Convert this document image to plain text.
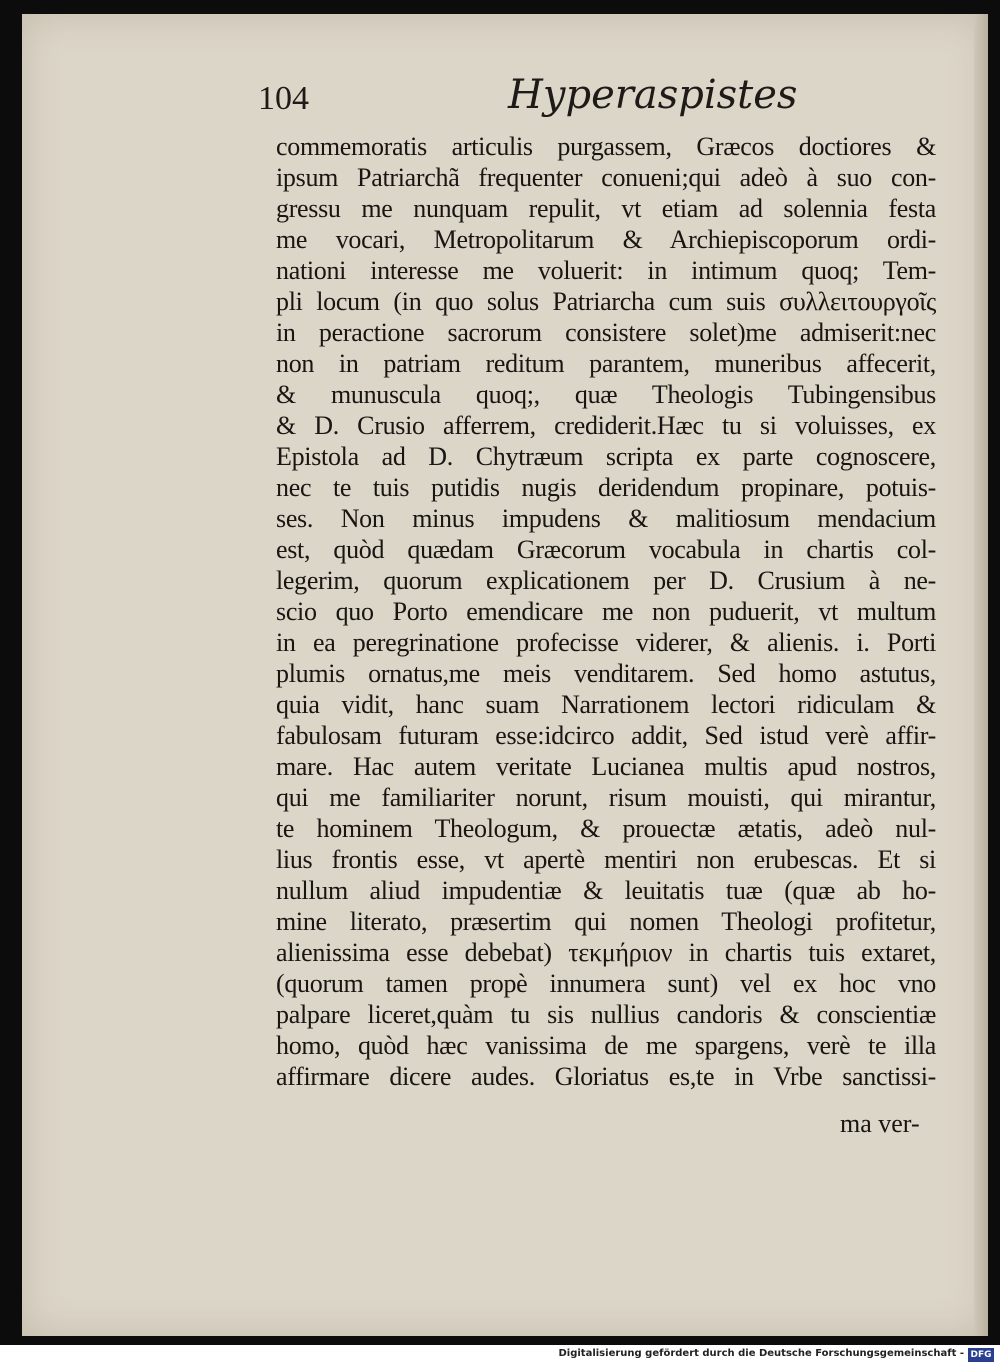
104	Hyperaspistes
commemoratis articulis purgassem, Græcos doctiores &
ipsum Patriarchã frequenter conueni;qui adeò à suo con-
gressu me nunquam repulit, vt etiam ad solennia festa
me vocari, Metropolitarum & Archiepiscoporum ordi-
nationi interesse me voluerit: in intimum quoq; Tem-
pli locum (in quo solus Patriarcha cum suis συλλειτουργοῖς
in peractione sacrorum consistere solet)me admiserit:nec
non in patriam reditum parantem, muneribus affecerit,
& munuscula quoq;, quæ Theologis Tubingensibus
& D. Crusio afferrem, crediderit.Hæc tu si voluisses, ex
Epistola ad D. Chytræum scripta ex parte cognoscere,
nec te tuis putidis nugis deridendum propinare, potuis-
ses. Non minus impudens & malitiosum mendacium
est, quòd quædam Græcorum vocabula in chartis col-
legerim, quorum explicationem per D. Crusium à ne-
scio quo Porto emendicare me non puduerit, vt multum
in ea peregrinatione profecisse viderer, & alienis. i. Porti
plumis ornatus,me meis venditarem. Sed homo astutus,
quia vidit, hanc suam Narrationem lectori ridiculam &
fabulosam futuram esse:idcirco addit, Sed istud verè affir-
mare. Hac autem veritate Lucianea multis apud nostros,
qui me familiariter norunt, risum mouisti, qui mirantur,
te hominem Theologum, & prouectæ ætatis, adeò nul-
lius frontis esse, vt apertè mentiri non erubescas. Et si
nullum aliud impudentiæ & leuitatis tuæ (quæ ab ho-
mine literato, præsertim qui nomen Theologi profitetur,
alienissima esse debebat) τεκμήριον in chartis tuis extaret,
(quorum tamen propè innumera sunt) vel ex hoc vno
palpare liceret,quàm tu sis nullius candoris & conscientiæ
homo, quòd hæc vanissima de me spargens, verè te illa
affirmare dicere audes. Gloriatus es,te in Vrbe sanctissi-
ma ver-
Digitalisierung gefördert durch die Deutsche Forschungsgemeinschaft - DFG
